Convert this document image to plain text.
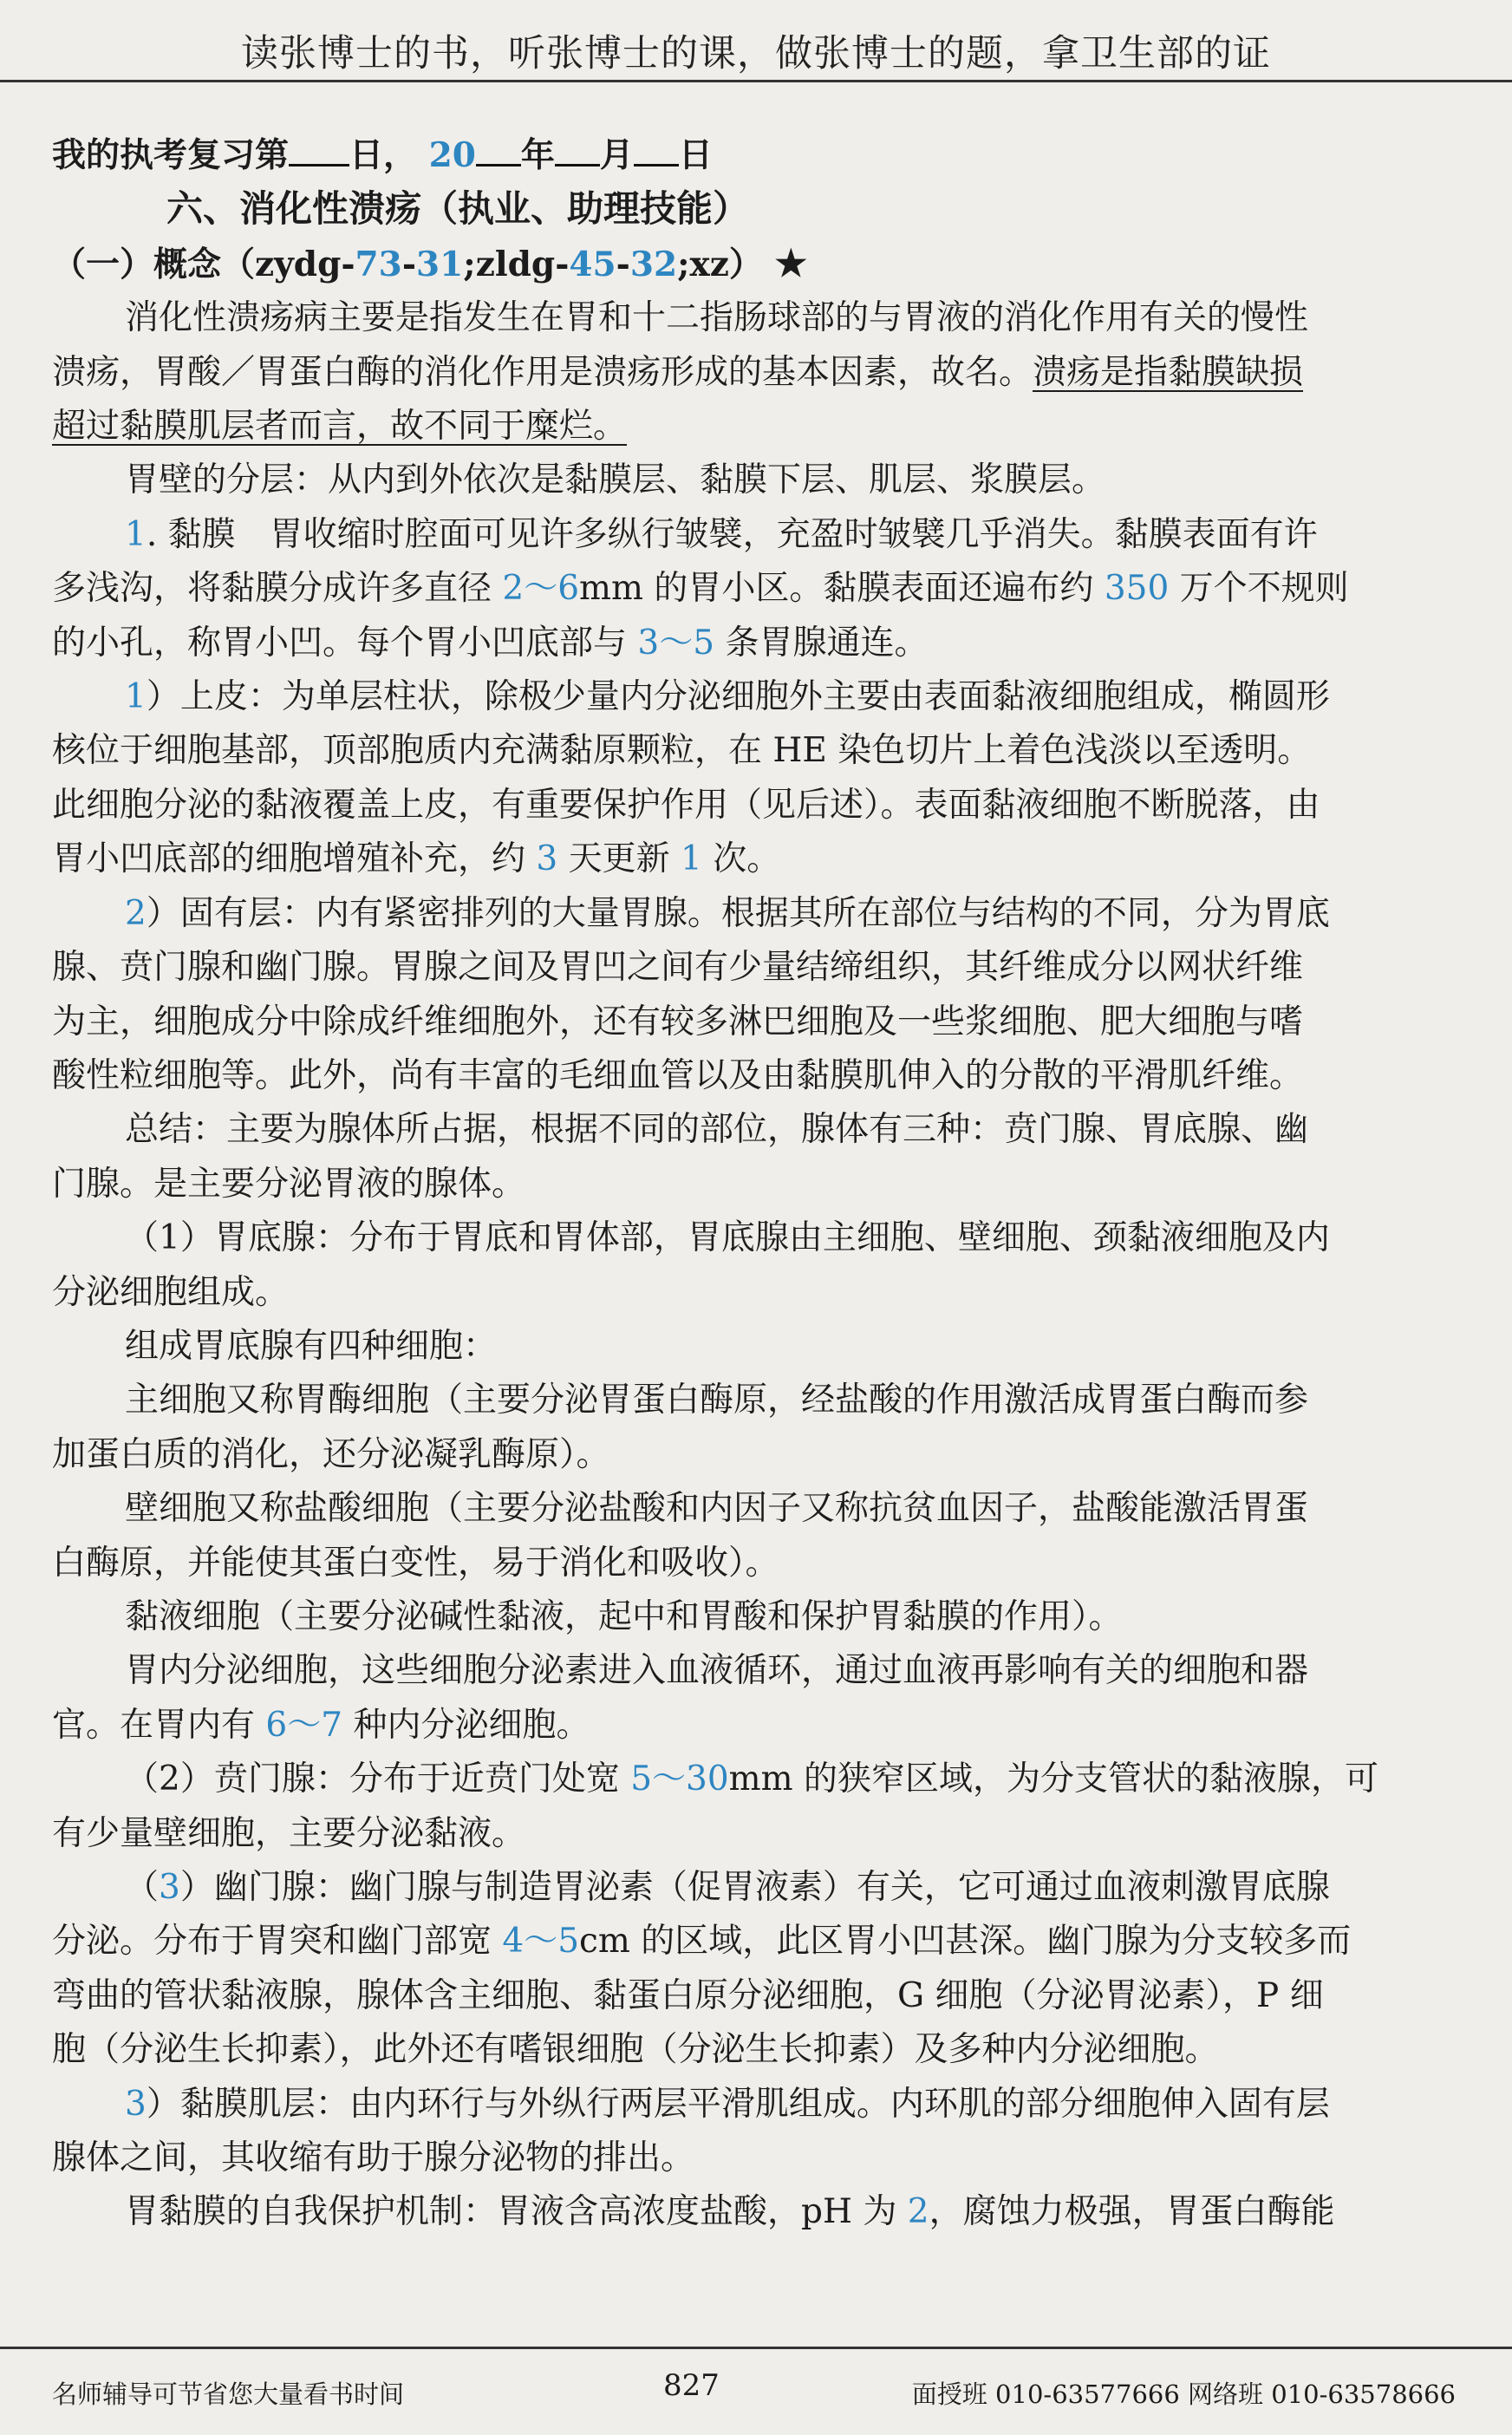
读张博士的书，听张博士的课，做张博士的题，拿卫生部的证
我的执考复习第 日， 20 年 月 日
六、消化性溃疡（执业、助理技能）
（一）概念（zydg-73-31;zldg-45-32;xz） ★
消化性溃疡病主要是指发生在胃和十二指肠球部的与胃液的消化作用有关的慢性
溃疡，胃酸／胃蛋白酶的消化作用是溃疡形成的基本因素，故名。溃疡是指黏膜缺损
超过黏膜肌层者而言，故不同于糜烂。
胃壁的分层：从内到外依次是黏膜层、黏膜下层、肌层、浆膜层。
1. 黏膜　胃收缩时腔面可见许多纵行皱襞，充盈时皱襞几乎消失。黏膜表面有许
多浅沟，将黏膜分成许多直径 2～6mm 的胃小区。黏膜表面还遍布约 350 万个不规则
的小孔，称胃小凹。每个胃小凹底部与 3～5 条胃腺通连。
1）上皮：为单层柱状，除极少量内分泌细胞外主要由表面黏液细胞组成，椭圆形
核位于细胞基部，顶部胞质内充满黏原颗粒，在 HE 染色切片上着色浅淡以至透明。
此细胞分泌的黏液覆盖上皮，有重要保护作用（见后述）。表面黏液细胞不断脱落，由
胃小凹底部的细胞增殖补充，约 3 天更新 1 次。
2）固有层：内有紧密排列的大量胃腺。根据其所在部位与结构的不同，分为胃底
腺、贲门腺和幽门腺。胃腺之间及胃凹之间有少量结缔组织，其纤维成分以网状纤维
为主，细胞成分中除成纤维细胞外，还有较多淋巴细胞及一些浆细胞、肥大细胞与嗜
酸性粒细胞等。此外，尚有丰富的毛细血管以及由黏膜肌伸入的分散的平滑肌纤维。
总结：主要为腺体所占据，根据不同的部位，腺体有三种：贲门腺、胃底腺、幽
门腺。是主要分泌胃液的腺体。
（1）胃底腺：分布于胃底和胃体部，胃底腺由主细胞、壁细胞、颈黏液细胞及内
分泌细胞组成。
组成胃底腺有四种细胞：
主细胞又称胃酶细胞（主要分泌胃蛋白酶原，经盐酸的作用激活成胃蛋白酶而参
加蛋白质的消化，还分泌凝乳酶原）。
壁细胞又称盐酸细胞（主要分泌盐酸和内因子又称抗贫血因子，盐酸能激活胃蛋
白酶原，并能使其蛋白变性，易于消化和吸收）。
黏液细胞（主要分泌碱性黏液，起中和胃酸和保护胃黏膜的作用）。
胃内分泌细胞，这些细胞分泌素进入血液循环，通过血液再影响有关的细胞和器
官。在胃内有 6～7 种内分泌细胞。
（2）贲门腺：分布于近贲门处宽 5～30mm 的狭窄区域，为分支管状的黏液腺，可
有少量壁细胞，主要分泌黏液。
（3）幽门腺：幽门腺与制造胃泌素（促胃液素）有关，它可通过血液刺激胃底腺
分泌。分布于胃突和幽门部宽 4～5cm 的区域，此区胃小凹甚深。幽门腺为分支较多而
弯曲的管状黏液腺，腺体含主细胞、黏蛋白原分泌细胞，G 细胞（分泌胃泌素），P 细
胞（分泌生长抑素），此外还有嗜银细胞（分泌生长抑素）及多种内分泌细胞。
3）黏膜肌层：由内环行与外纵行两层平滑肌组成。内环肌的部分细胞伸入固有层
腺体之间，其收缩有助于腺分泌物的排出。
胃黏膜的自我保护机制：胃液含高浓度盐酸，pH 为 2，腐蚀力极强，胃蛋白酶能
名师辅导可节省您大量看书时间	827	面授班 010-63577666 网络班 010-63578666
